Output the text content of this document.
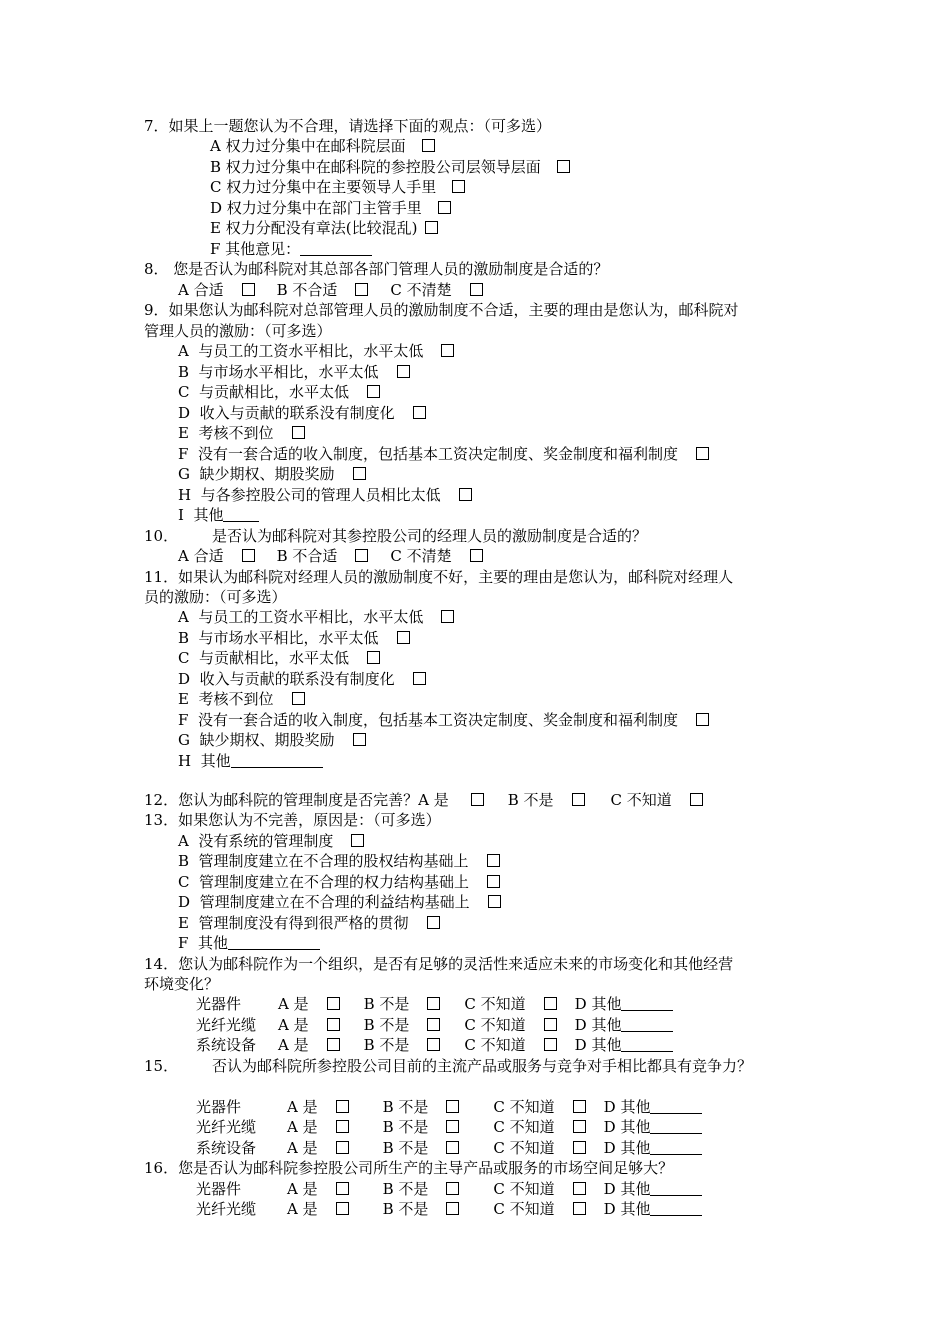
7．如果上一题您认为不合理，请选择下面的观点：（可多选）
A 权力过分集中在邮科院层面
B 权力过分集中在邮科院的参控股公司层领导层面
C 权力过分集中在主要领导人手里
D 权力过分集中在部门主管手里
E 权力分配没有章法(比较混乱)
F 其他意见：
8． 您是否认为邮科院对其总部各部门管理人员的激励制度是合适的？
A 合适	B 不合适	C 不清楚
9．如果您认为邮科院对总部管理人员的激励制度不合适，主要的理由是您认为，邮科院对
管理人员的激励：（可多选）
A  与员工的工资水平相比，水平太低
B  与市场水平相比，水平太低
C  与贡献相比，水平太低
D  收入与贡献的联系没有制度化
E  考核不到位
F  没有一套合适的收入制度，包括基本工资决定制度、奖金制度和福利制度
G  缺少期权、期股奖励
H  与各参控股公司的管理人员相比太低
I  其他
10． 是否认为邮科院对其参控股公司的经理人员的激励制度是合适的？
A 合适	B 不合适	C 不清楚
11．如果认为邮科院对经理人员的激励制度不好，主要的理由是您认为，邮科院对经理人
员的激励：（可多选）
A  与员工的工资水平相比，水平太低
B  与市场水平相比，水平太低
C  与贡献相比，水平太低
D  收入与贡献的联系没有制度化
E  考核不到位
F  没有一套合适的收入制度，包括基本工资决定制度、奖金制度和福利制度
G  缺少期权、期股奖励
H  其他
12．您认为邮科院的管理制度是否完善？A 是	B 不是	C 不知道
13．如果您认为不完善，原因是：（可多选）
A  没有系统的管理制度
B  管理制度建立在不合理的股权结构基础上
C  管理制度建立在不合理的权力结构基础上
D  管理制度建立在不合理的利益结构基础上
E  管理制度没有得到很严格的贯彻
F  其他
14．您认为邮科院作为一个组织，是否有足够的灵活性来适应未来的市场变化和其他经营
环境变化？
光器件 A 是	B 不是	C 不知道	D 其他
光纤光缆 A 是	B 不是	C 不知道	D 其他
系统设备 A 是	B 不是	C 不知道	D 其他
15． 否认为邮科院所参控股公司目前的主流产品或服务与竞争对手相比都具有竞争力？
光器件	A 是	B 不是	C 不知道	D 其他
光纤光缆 A 是	B 不是	C 不知道	D 其他
系统设备 A 是	B 不是	C 不知道	D 其他
16．您是否认为邮科院参控股公司所生产的主导产品或服务的市场空间足够大？
光器件	A 是	B 不是	C 不知道	D 其他
光纤光缆 A 是	B 不是	C 不知道	D 其他
